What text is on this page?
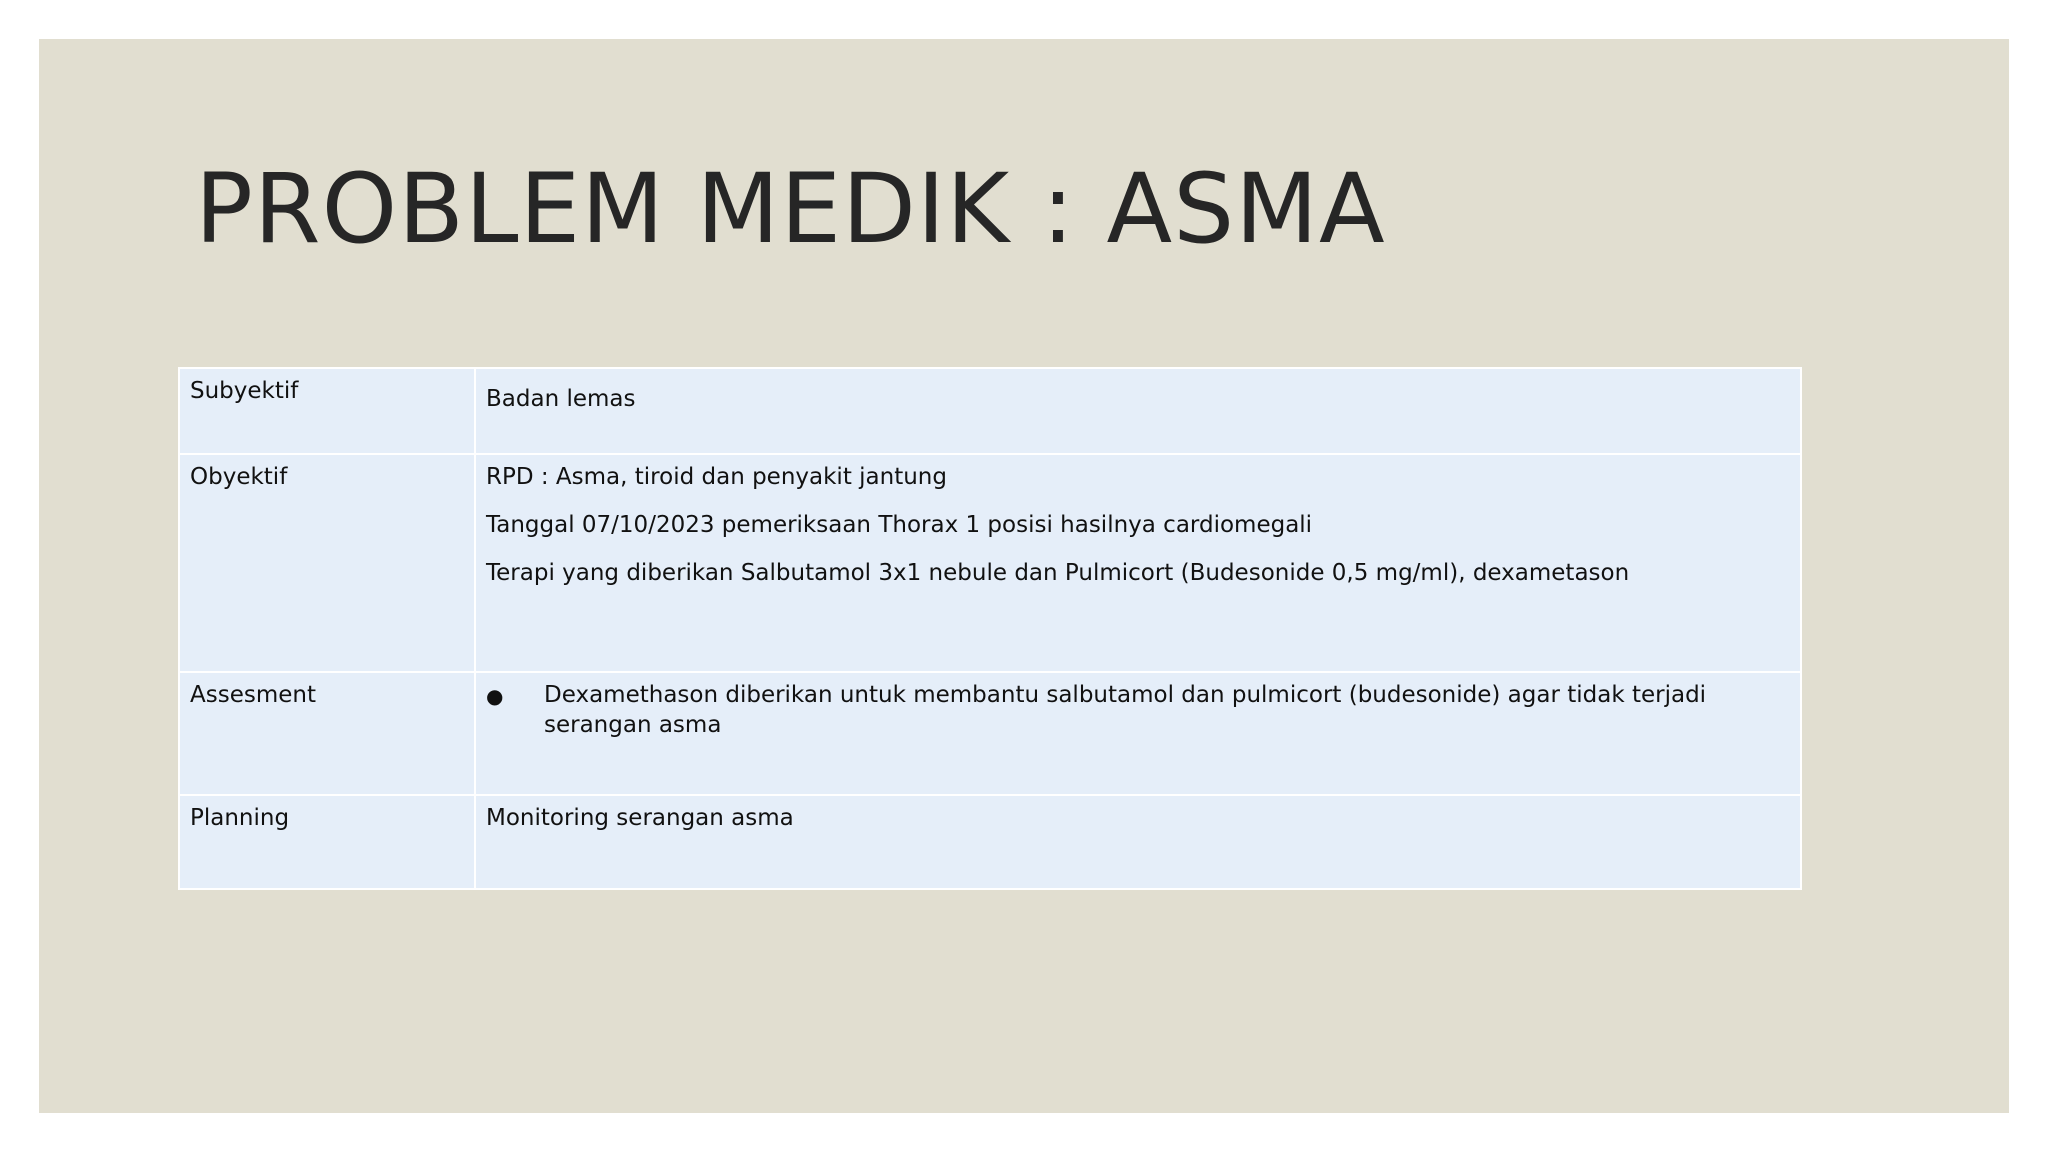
PROBLEM MEDIK : ASMA
Subyektif	Badan lemas

Obyektif	RPD : Asma, tiroid dan penyakit jantung

Tanggal 07/10/2023 pemeriksaan Thorax 1 posisi hasilnya cardiomegali

Terapi yang diberikan Salbutamol 3x1 nebule dan Pulmicort (Budesonide 0,5 mg/ml), dexametason

Assesment	● Dexamethason diberikan untuk membantu salbutamol dan pulmicort (budesonide) agar tidak terjadi serangan asma

Planning	Monitoring serangan asma
